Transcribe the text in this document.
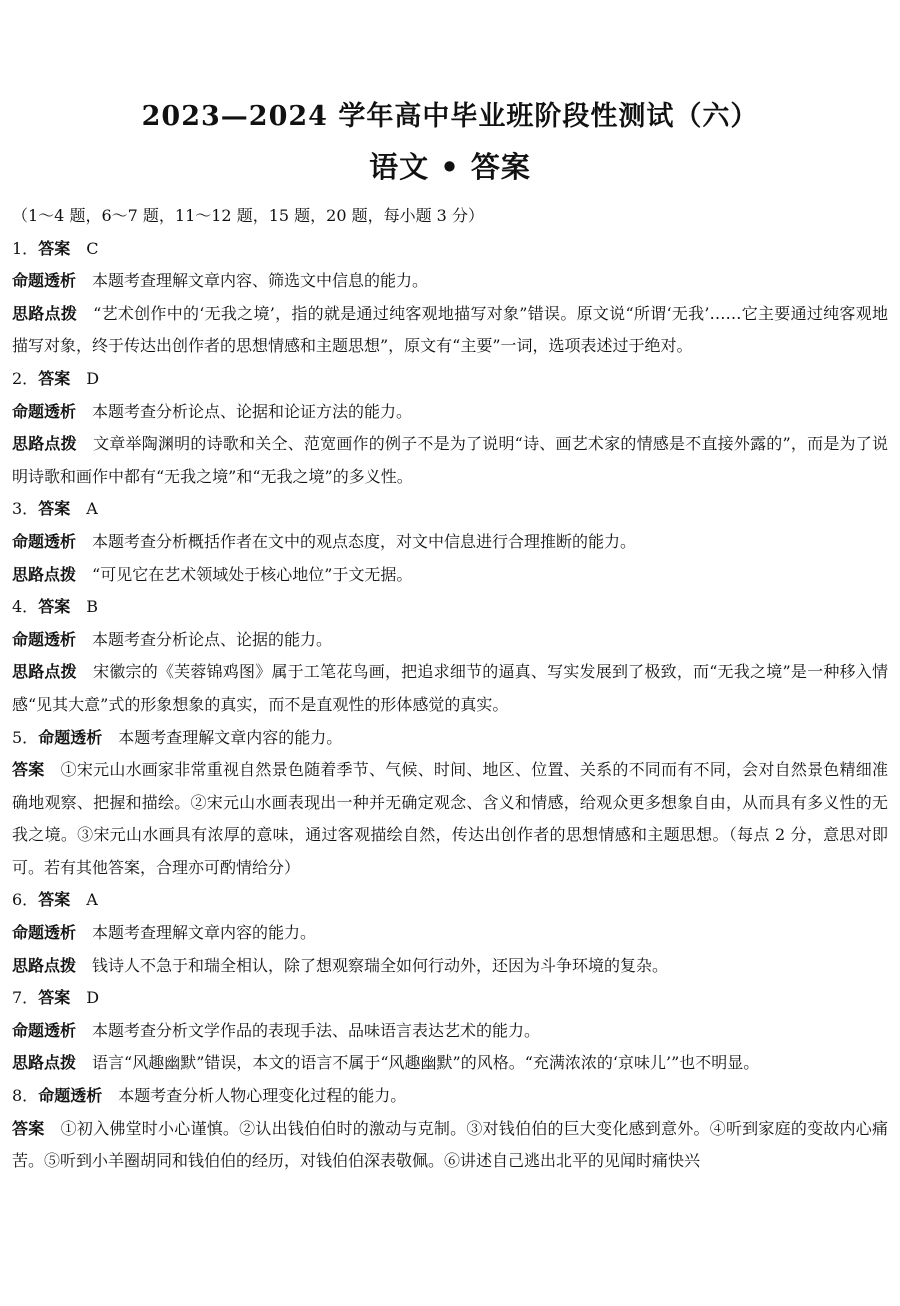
2023—2024 学年高中毕业班阶段性测试（六）
语文 • 答案

（1～4 题，6～7 题，11～12 题，15 题，20 题，每小题 3 分）

1．答案 C

命题透析 本题考查理解文章内容、筛选文中信息的能力。

思路点拨 “艺术创作中的‘无我之境’，指的就是通过纯客观地描写对象”错误。原文说“所谓‘无我’……它主要通过纯客观地描写对象，终于传达出创作者的思想情感和主题思想”，原文有“主要”一词，选项表述过于绝对。

2．答案 D

命题透析 本题考查分析论点、论据和论证方法的能力。

思路点拨 文章举陶渊明的诗歌和关仝、范宽画作的例子不是为了说明“诗、画艺术家的情感是不直接外露的”，而是为了说明诗歌和画作中都有“无我之境”和“无我之境”的多义性。

3．答案 A

命题透析 本题考查分析概括作者在文中的观点态度，对文中信息进行合理推断的能力。

思路点拨 “可见它在艺术领域处于核心地位”于文无据。

4．答案 B

命题透析 本题考查分析论点、论据的能力。

思路点拨 宋徽宗的《芙蓉锦鸡图》属于工笔花鸟画，把追求细节的逼真、写实发展到了极致，而“无我之境”是一种移入情感“见其大意”式的形象想象的真实，而不是直观性的形体感觉的真实。

5．命题透析 本题考查理解文章内容的能力。

答案 ①宋元山水画家非常重视自然景色随着季节、气候、时间、地区、位置、关系的不同而有不同，会对自然景色精细准确地观察、把握和描绘。②宋元山水画表现出一种并无确定观念、含义和情感，给观众更多想象自由，从而具有多义性的无我之境。③宋元山水画具有浓厚的意味，通过客观描绘自然，传达出创作者的思想情感和主题思想。（每点 2 分，意思对即可。若有其他答案，合理亦可酌情给分）

6．答案 A

命题透析 本题考查理解文章内容的能力。

思路点拨 钱诗人不急于和瑞全相认，除了想观察瑞全如何行动外，还因为斗争环境的复杂。

7．答案 D

命题透析 本题考查分析文学作品的表现手法、品味语言表达艺术的能力。

思路点拨 语言“风趣幽默”错误，本文的语言不属于“风趣幽默”的风格。“充满浓浓的‘京味儿’”也不明显。

8．命题透析 本题考查分析人物心理变化过程的能力。

答案 ①初入佛堂时小心谨慎。②认出钱伯伯时的激动与克制。③对钱伯伯的巨大变化感到意外。④听到家庭的变故内心痛苦。⑤听到小羊圈胡同和钱伯伯的经历，对钱伯伯深表敬佩。⑥讲述自己逃出北平的见闻时痛快兴
